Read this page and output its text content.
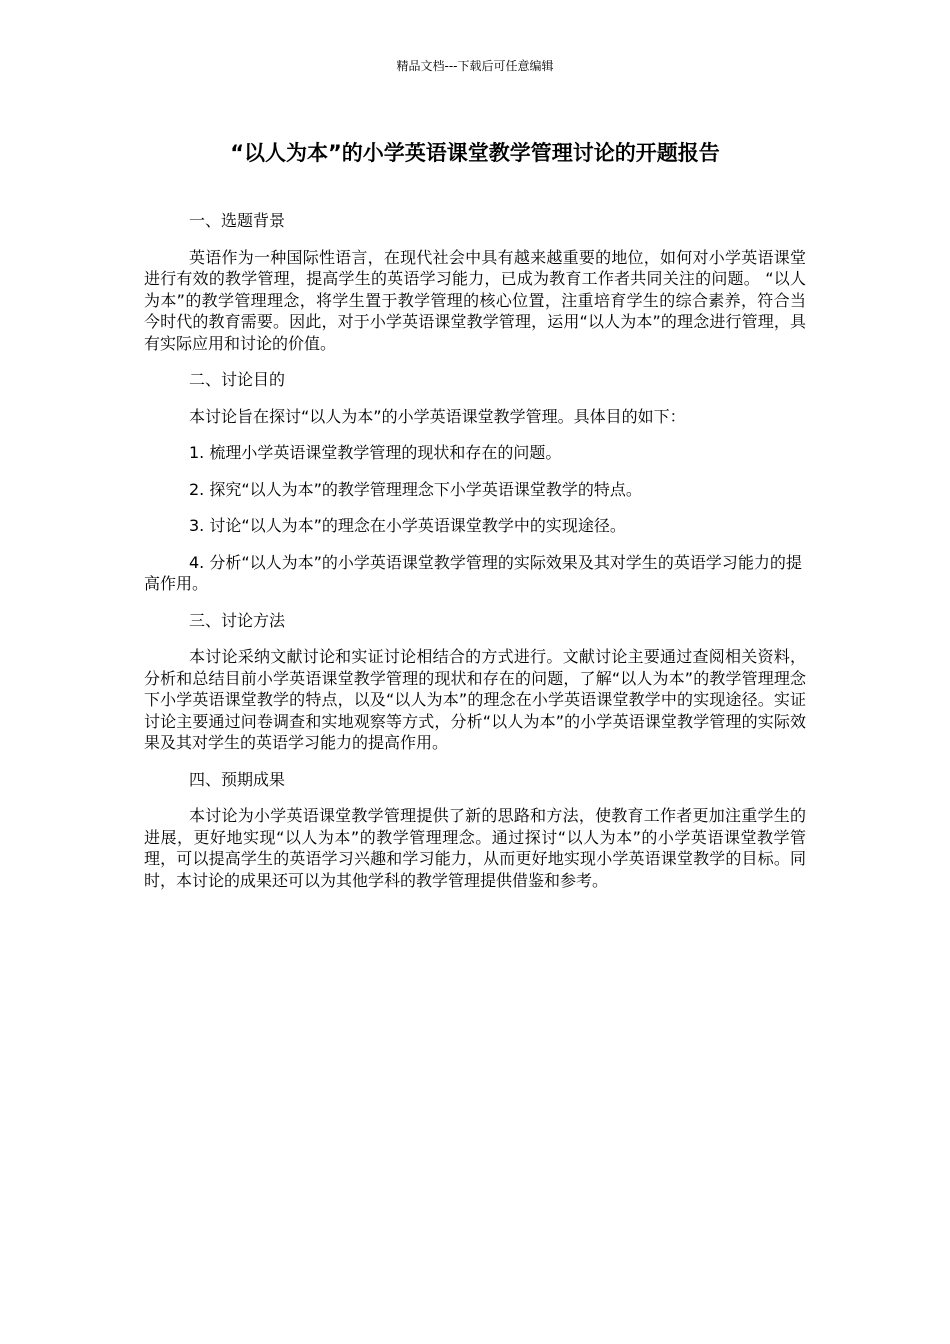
精品文档---下载后可任意编辑
“以人为本”的小学英语课堂教学管理讨论的开题报告

一、选题背景

英语作为一种国际性语言，在现代社会中具有越来越重要的地位，如何对小学英语课堂进行有效的教学管理，提高学生的英语学习能力，已成为教育工作者共同关注的问题。 “以人为本”的教学管理理念，将学生置于教学管理的核心位置，注重培育学生的综合素养，符合当今时代的教育需要。因此，对于小学英语课堂教学管理，运用“以人为本”的理念进行管理，具有实际应用和讨论的价值。

二、讨论目的

本讨论旨在探讨“以人为本”的小学英语课堂教学管理。具体目的如下：

1. 梳理小学英语课堂教学管理的现状和存在的问题。

2. 探究“以人为本”的教学管理理念下小学英语课堂教学的特点。

3. 讨论“以人为本”的理念在小学英语课堂教学中的实现途径。

4. 分析“以人为本”的小学英语课堂教学管理的实际效果及其对学生的英语学习能力的提高作用。

三、讨论方法

本讨论采纳文献讨论和实证讨论相结合的方式进行。文献讨论主要通过查阅相关资料，分析和总结目前小学英语课堂教学管理的现状和存在的问题，了解“以人为本”的教学管理理念下小学英语课堂教学的特点，以及“以人为本”的理念在小学英语课堂教学中的实现途径。实证讨论主要通过问卷调查和实地观察等方式，分析“以人为本”的小学英语课堂教学管理的实际效果及其对学生的英语学习能力的提高作用。

四、预期成果

本讨论为小学英语课堂教学管理提供了新的思路和方法，使教育工作者更加注重学生的进展，更好地实现“以人为本”的教学管理理念。通过探讨“以人为本”的小学英语课堂教学管理，可以提高学生的英语学习兴趣和学习能力，从而更好地实现小学英语课堂教学的目标。同时，本讨论的成果还可以为其他学科的教学管理提供借鉴和参考。
